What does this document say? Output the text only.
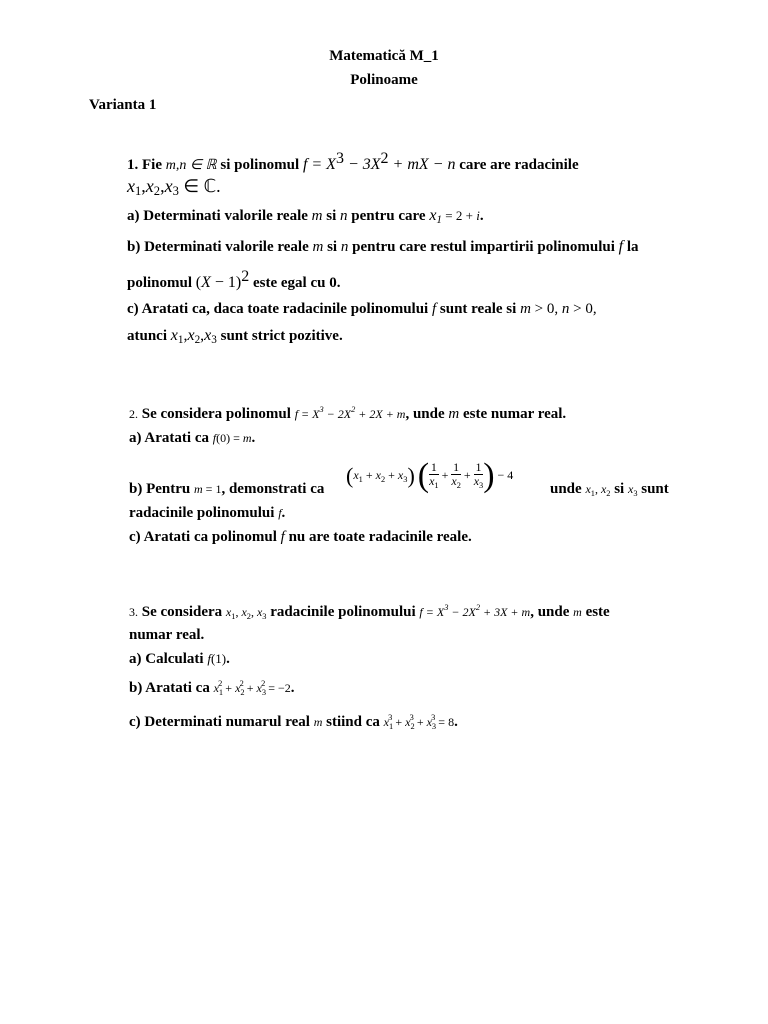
Matematică M_1
Polinoame
Varianta 1
1. Fie m,n ∈ ℝ si polinomul $f = X^3 - 3X^2$ + mX − n care are radacinile
$x_1,x_2,x_3$ ∈ ℂ.
a) Determinati valorile reale m si n pentru care $x_1 = 2 + i$.
b) Determinati valorile reale m si n pentru care restul impartirii polinomului f la
polinomul $(X - 1)^2$ este egal cu 0.
c) Aratati ca, daca toate radacinile polinomului f sunt reale si m > 0, n > 0,
atunci $x_1,x_2,x_3$ sunt strict pozitive.
2. Se considera polinomul $f = X^3 - 2X^2 + 2X + m$, unde m este numar real.
a) Aratati ca f(0) = m.
$(x_1 + x_2 + x_3)$ ( $\frac{1}{x_1} + \frac{1}{x_2} + \frac{1}{x_3}$ ) − 4
b) Pentru m = 1, demonstrati ca	unde $x_1$, $x_2$ si $x_3$ sunt
radacinile polinomului f.
c) Aratati ca polinomul f nu are toate radacinile reale.
3. Se considera $x_1$, $x_2$, $x_3$ radacinile polinomului $f = X^3 - 2X^2 + 3X + m$, unde m este
numar real.
a) Calculati f(1).
b) Aratati ca $x_1^2 + x_2^2 + x_3^2 = -2$.
c) Determinati numarul real m stiind ca $x_1^3 + x_2^3 + x_3^3 = 8$.
